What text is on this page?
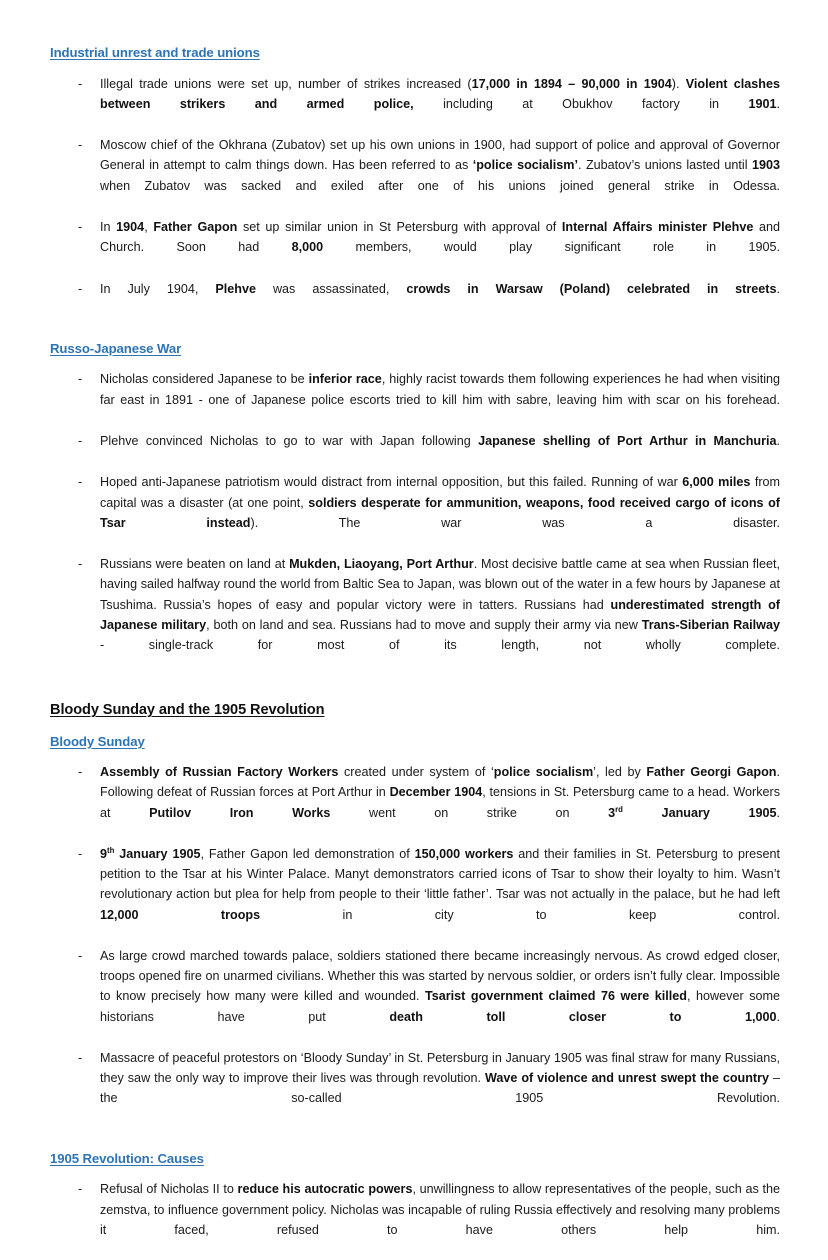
Industrial unrest and trade unions
- Illegal trade unions were set up, number of strikes increased (17,000 in 1894 – 90,000 in 1904). Violent clashes between strikers and armed police, including at Obukhov factory in 1901.
- Moscow chief of the Okhrana (Zubatov) set up his own unions in 1900, had support of police and approval of Governor General in attempt to calm things down. Has been referred to as ‘police socialism’. Zubatov’s unions lasted until 1903 when Zubatov was sacked and exiled after one of his unions joined general strike in Odessa.
- In 1904, Father Gapon set up similar union in St Petersburg with approval of Internal Affairs minister Plehve and Church. Soon had 8,000 members, would play significant role in 1905.
- In July 1904, Plehve was assassinated, crowds in Warsaw (Poland) celebrated in streets.
Russo-Japanese War
- Nicholas considered Japanese to be inferior race, highly racist towards them following experiences he had when visiting far east in 1891 - one of Japanese police escorts tried to kill him with sabre, leaving him with scar on his forehead.
- Plehve convinced Nicholas to go to war with Japan following Japanese shelling of Port Arthur in Manchuria.
- Hoped anti-Japanese patriotism would distract from internal opposition, but this failed. Running of war 6,000 miles from capital was a disaster (at one point, soldiers desperate for ammunition, weapons, food received cargo of icons of Tsar instead). The war was a disaster.
- Russians were beaten on land at Mukden, Liaoyang, Port Arthur. Most decisive battle came at sea when Russian fleet, having sailed halfway round the world from Baltic Sea to Japan, was blown out of the water in a few hours by Japanese at Tsushima. Russia’s hopes of easy and popular victory were in tatters. Russians had underestimated strength of Japanese military, both on land and sea. Russians had to move and supply their army via new Trans-Siberian Railway - single-track for most of its length, not wholly complete.
Bloody Sunday and the 1905 Revolution
Bloody Sunday
- Assembly of Russian Factory Workers created under system of ‘police socialism’, led by Father Georgi Gapon. Following defeat of Russian forces at Port Arthur in December 1904, tensions in St. Petersburg came to a head. Workers at Putilov Iron Works went on strike on 3rd January 1905.
- 9th January 1905, Father Gapon led demonstration of 150,000 workers and their families in St. Petersburg to present petition to the Tsar at his Winter Palace. Manyt demonstrators carried icons of Tsar to show their loyalty to him. Wasn’t revolutionary action but plea for help from people to their ‘little father’. Tsar was not actually in the palace, but he had left 12,000 troops in city to keep control.
- As large crowd marched towards palace, soldiers stationed there became increasingly nervous. As crowd edged closer, troops opened fire on unarmed civilians. Whether this was started by nervous soldier, or orders isn’t fully clear. Impossible to know precisely how many were killed and wounded. Tsarist government claimed 76 were killed, however some historians have put death toll closer to 1,000.
- Massacre of peaceful protestors on ‘Bloody Sunday’ in St. Petersburg in January 1905 was final straw for many Russians, they saw the only way to improve their lives was through revolution. Wave of violence and unrest swept the country – the so-called 1905 Revolution.
1905 Revolution: Causes
- Refusal of Nicholas II to reduce his autocratic powers, unwillingness to allow representatives of the people, such as the zemstva, to influence government policy. Nicholas was incapable of ruling Russia effectively and resolving many problems it faced, refused to have others help him.
